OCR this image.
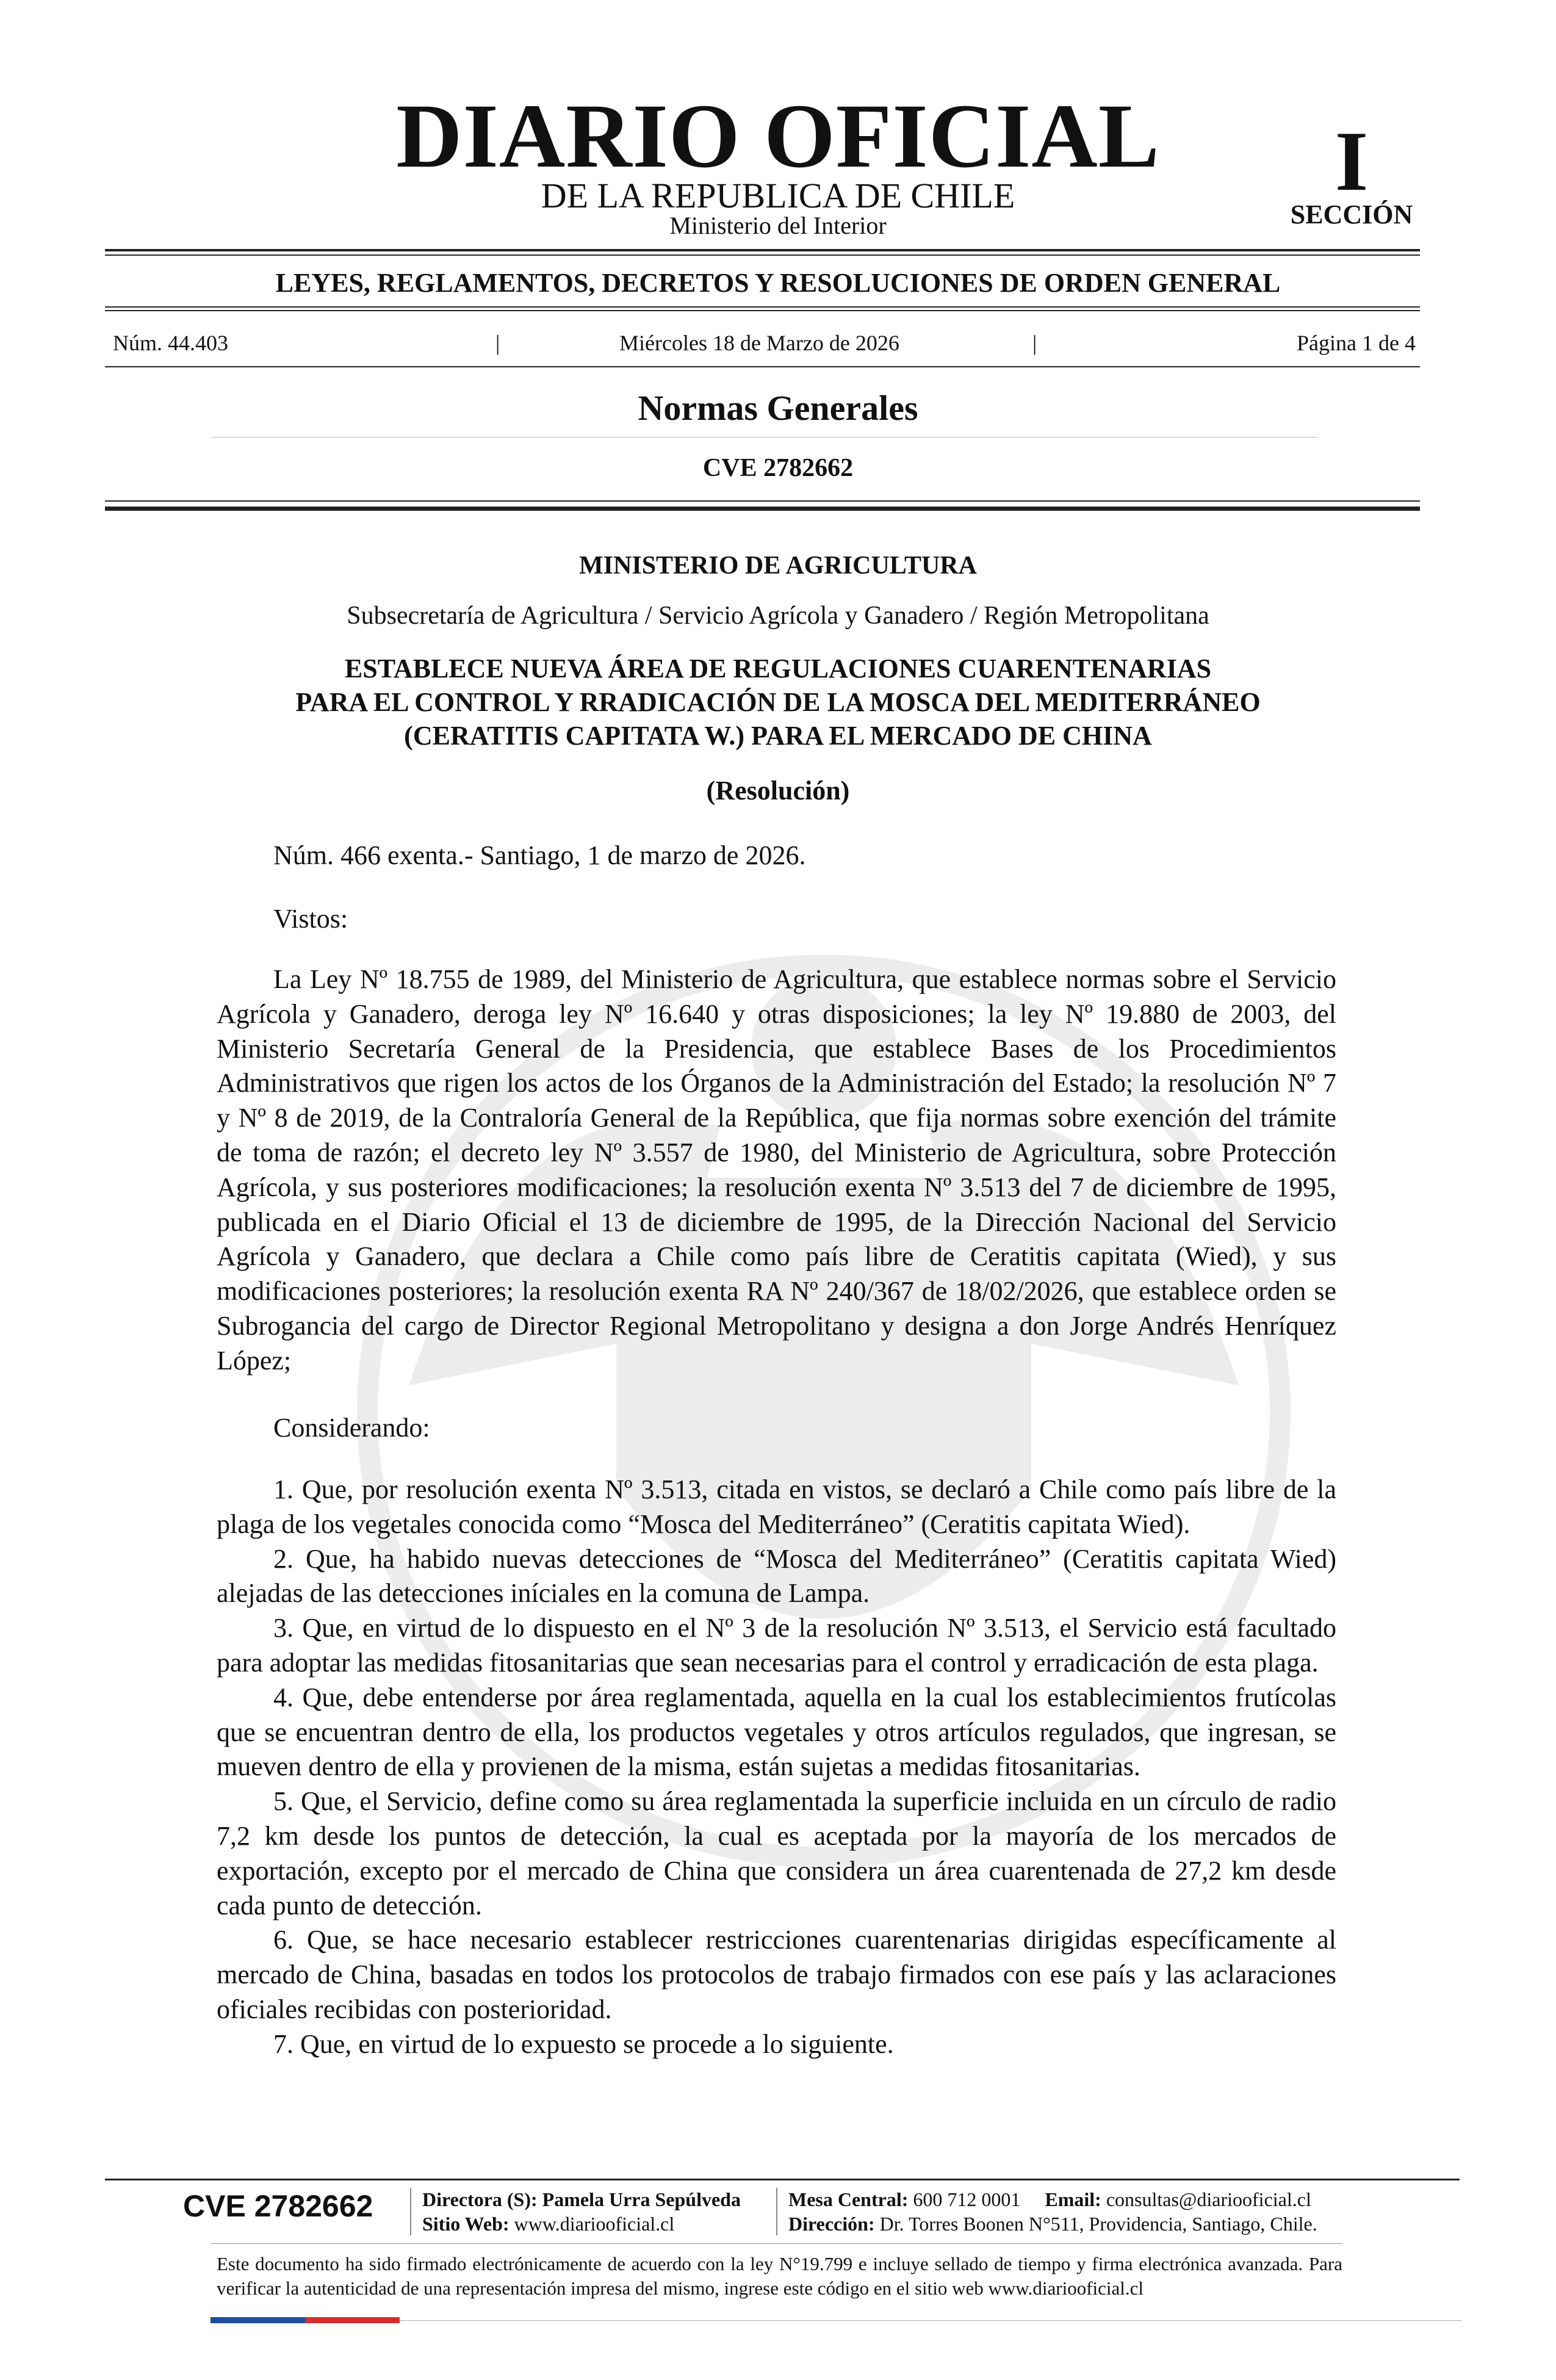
DIARIO OFICIAL
DE LA REPUBLICA DE CHILE
Ministerio del Interior
I
SECCIÓN
LEYES, REGLAMENTOS, DECRETOS Y RESOLUCIONES DE ORDEN GENERAL
Núm. 44.403	|	Miércoles 18 de Marzo de 2026	|	Página 1 de 4
Normas Generales
CVE 2782662
MINISTERIO DE AGRICULTURA
Subsecretaría de Agricultura / Servicio Agrícola y Ganadero / Región Metropolitana
ESTABLECE NUEVA ÁREA DE REGULACIONES CUARENTENARIAS
PARA EL CONTROL Y RRADICACIÓN DE LA MOSCA DEL MEDITERRÁNEO
(CERATITIS CAPITATA W.) PARA EL MERCADO DE CHINA
(Resolución)
Núm. 466 exenta.- Santiago, 1 de marzo de 2026.
Vistos:

La Ley Nº 18.755 de 1989, del Ministerio de Agricultura, que establece normas sobre el Servicio Agrícola y Ganadero, deroga ley Nº 16.640 y otras disposiciones; la ley Nº 19.880 de 2003, del Ministerio Secretaría General de la Presidencia, que establece Bases de los Procedimientos Administrativos que rigen los actos de los Órganos de la Administración del Estado; la resolución Nº 7 y Nº 8 de 2019, de la Contraloría General de la República, que fija normas sobre exención del trámite de toma de razón; el decreto ley Nº 3.557 de 1980, del Ministerio de Agricultura, sobre Protección Agrícola, y sus posteriores modificaciones; la resolución exenta Nº 3.513 del 7 de diciembre de 1995, publicada en el Diario Oficial el 13 de diciembre de 1995, de la Dirección Nacional del Servicio Agrícola y Ganadero, que declara a Chile como país libre de Ceratitis capitata (Wied), y sus modificaciones posteriores; la resolución exenta RA Nº 240/367 de 18/02/2026, que establece orden se Subrogancia del cargo de Director Regional Metropolitano y designa a don Jorge Andrés Henríquez López;

Considerando:

1. Que, por resolución exenta Nº 3.513, citada en vistos, se declaró a Chile como país libre de la plaga de los vegetales conocida como “Mosca del Mediterráneo” (Ceratitis capitata Wied).

2. Que, ha habido nuevas detecciones de “Mosca del Mediterráneo” (Ceratitis capitata Wied) alejadas de las detecciones iníciales en la comuna de Lampa.

3. Que, en virtud de lo dispuesto en el Nº 3 de la resolución Nº 3.513, el Servicio está facultado para adoptar las medidas fitosanitarias que sean necesarias para el control y erradicación de esta plaga.

4. Que, debe entenderse por área reglamentada, aquella en la cual los establecimientos frutícolas que se encuentran dentro de ella, los productos vegetales y otros artículos regulados, que ingresan, se mueven dentro de ella y provienen de la misma, están sujetas a medidas fitosanitarias.

5. Que, el Servicio, define como su área reglamentada la superficie incluida en un círculo de radio 7,2 km desde los puntos de detección, la cual es aceptada por la mayoría de los mercados de exportación, excepto por el mercado de China que considera un área cuarentenada de 27,2 km desde cada punto de detección.

6. Que, se hace necesario establecer restricciones cuarentenarias dirigidas específicamente al mercado de China, basadas en todos los protocolos de trabajo firmados con ese país y las aclaraciones oficiales recibidas con posterioridad.

7. Que, en virtud de lo expuesto se procede a lo siguiente.

CVE 2782662	Directora (S): Pamela Urra Sepúlveda
Sitio Web: www.diariooficial.cl
Mesa Central: 600 712 0001 Email: consultas@diariooficial.cl
Dirección: Dr. Torres Boonen N°511, Providencia, Santiago, Chile.
Este documento ha sido firmado electrónicamente de acuerdo con la ley N°19.799 e incluye sellado de tiempo y firma electrónica avanzada. Para verificar la autenticidad de una representación impresa del mismo, ingrese este código en el sitio web www.diariooficial.cl
